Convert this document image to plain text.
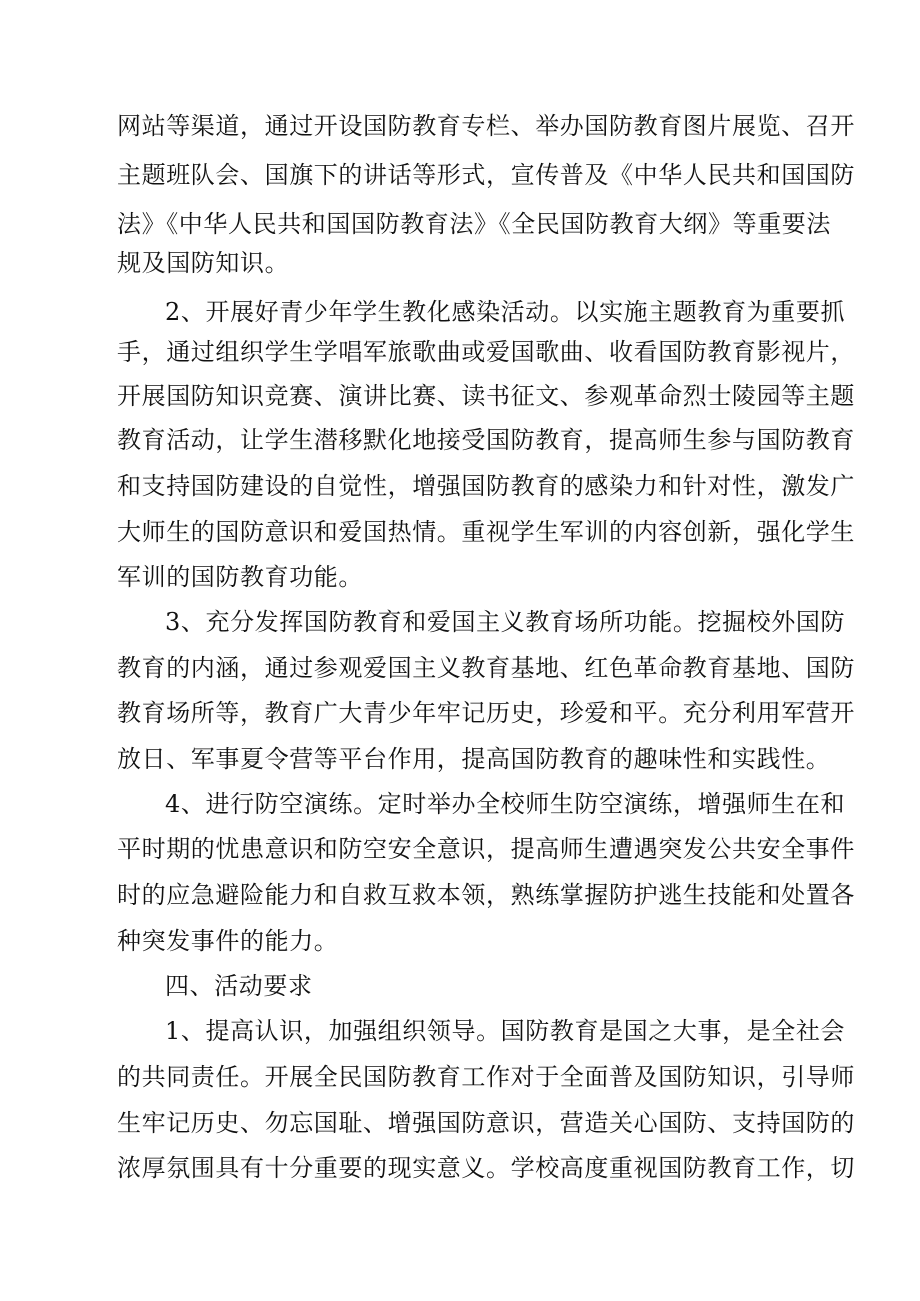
网站等渠道，通过开设国防教育专栏、举办国防教育图片展览、召开
主题班队会、国旗下的讲话等形式，宣传普及《中华人民共和国国防
法》《中华人民共和国国防教育法》《全民国防教育大纲》等重要法
规及国防知识。
2、开展好青少年学生教化感染活动。以实施主题教育为重要抓
手，通过组织学生学唱军旅歌曲或爱国歌曲、收看国防教育影视片，
开展国防知识竞赛、演讲比赛、读书征文、参观革命烈士陵园等主题
教育活动，让学生潜移默化地接受国防教育，提高师生参与国防教育
和支持国防建设的自觉性，增强国防教育的感染力和针对性，激发广
大师生的国防意识和爱国热情。重视学生军训的内容创新，强化学生
军训的国防教育功能。
3、充分发挥国防教育和爱国主义教育场所功能。挖掘校外国防
教育的内涵，通过参观爱国主义教育基地、红色革命教育基地、国防
教育场所等，教育广大青少年牢记历史，珍爱和平。充分利用军营开
放日、军事夏令营等平台作用，提高国防教育的趣味性和实践性。
4、进行防空演练。定时举办全校师生防空演练，增强师生在和
平时期的忧患意识和防空安全意识，提高师生遭遇突发公共安全事件
时的应急避险能力和自救互救本领，熟练掌握防护逃生技能和处置各
种突发事件的能力。
四、活动要求
1、提高认识，加强组织领导。国防教育是国之大事，是全社会
的共同责任。开展全民国防教育工作对于全面普及国防知识，引导师
生牢记历史、勿忘国耻、增强国防意识，营造关心国防、支持国防的
浓厚氛围具有十分重要的现实意义。学校高度重视国防教育工作，切
